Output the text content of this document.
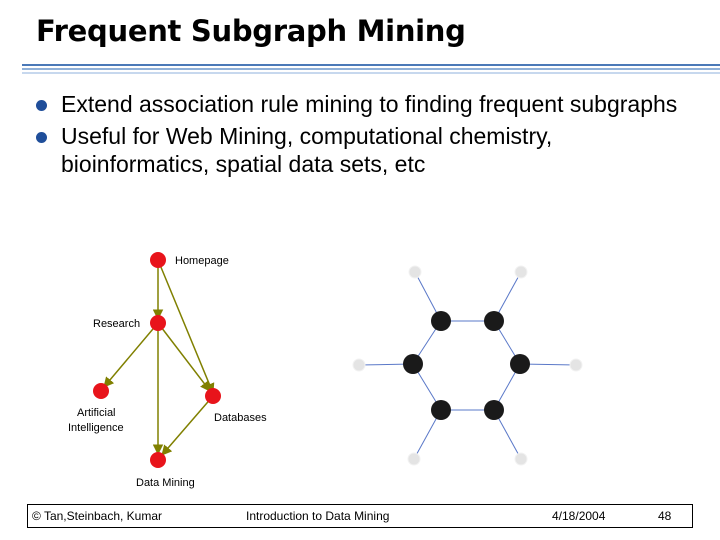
Frequent Subgraph Mining
Extend association rule mining to finding frequent subgraphs
Useful for Web Mining, computational chemistry, bioinformatics, spatial data sets, etc
Homepage
Research
Artificial
Intelligence
Databases
Data Mining
© Tan,Steinbach, Kumar	Introduction to Data Mining	4/18/2004	48
